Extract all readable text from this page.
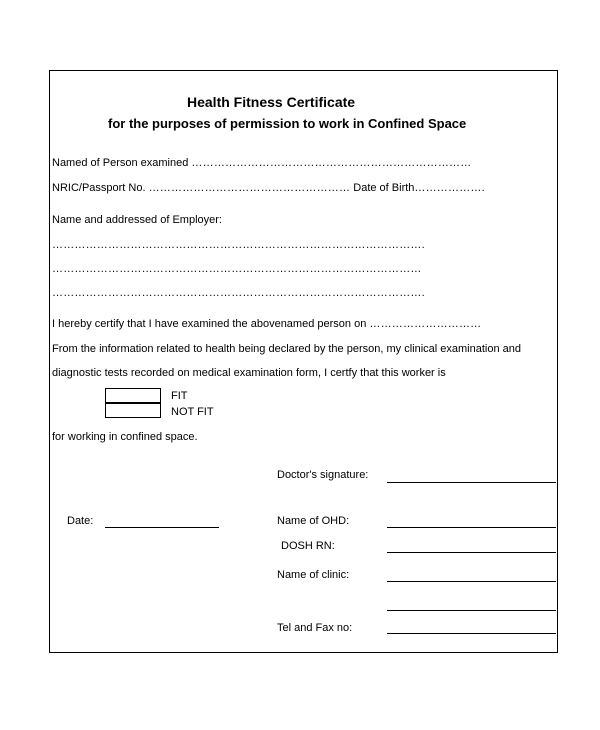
Health Fitness Certificate
for the purposes of permission to work in Confined Space
Named of Person examined …………………………………………………………………
NRIC/Passport No. ……………………………………………… Date of Birth……………….
Name and addressed of Employer:
……………………………………………………………………………………….
………………………………………………………………………………………
……………………………………………………………………………………….
I hereby certify that I have examined the abovenamed person on …………………………
From the information related to health being declared by the person, my clinical examination and
diagnostic tests recorded on medical examination form, I certfy that this worker is
FIT
NOT FIT
for working in confined space.
Doctor's signature:
Date:	Name of OHD:
DOSH RN:
Name of clinic:
Tel and Fax no:
